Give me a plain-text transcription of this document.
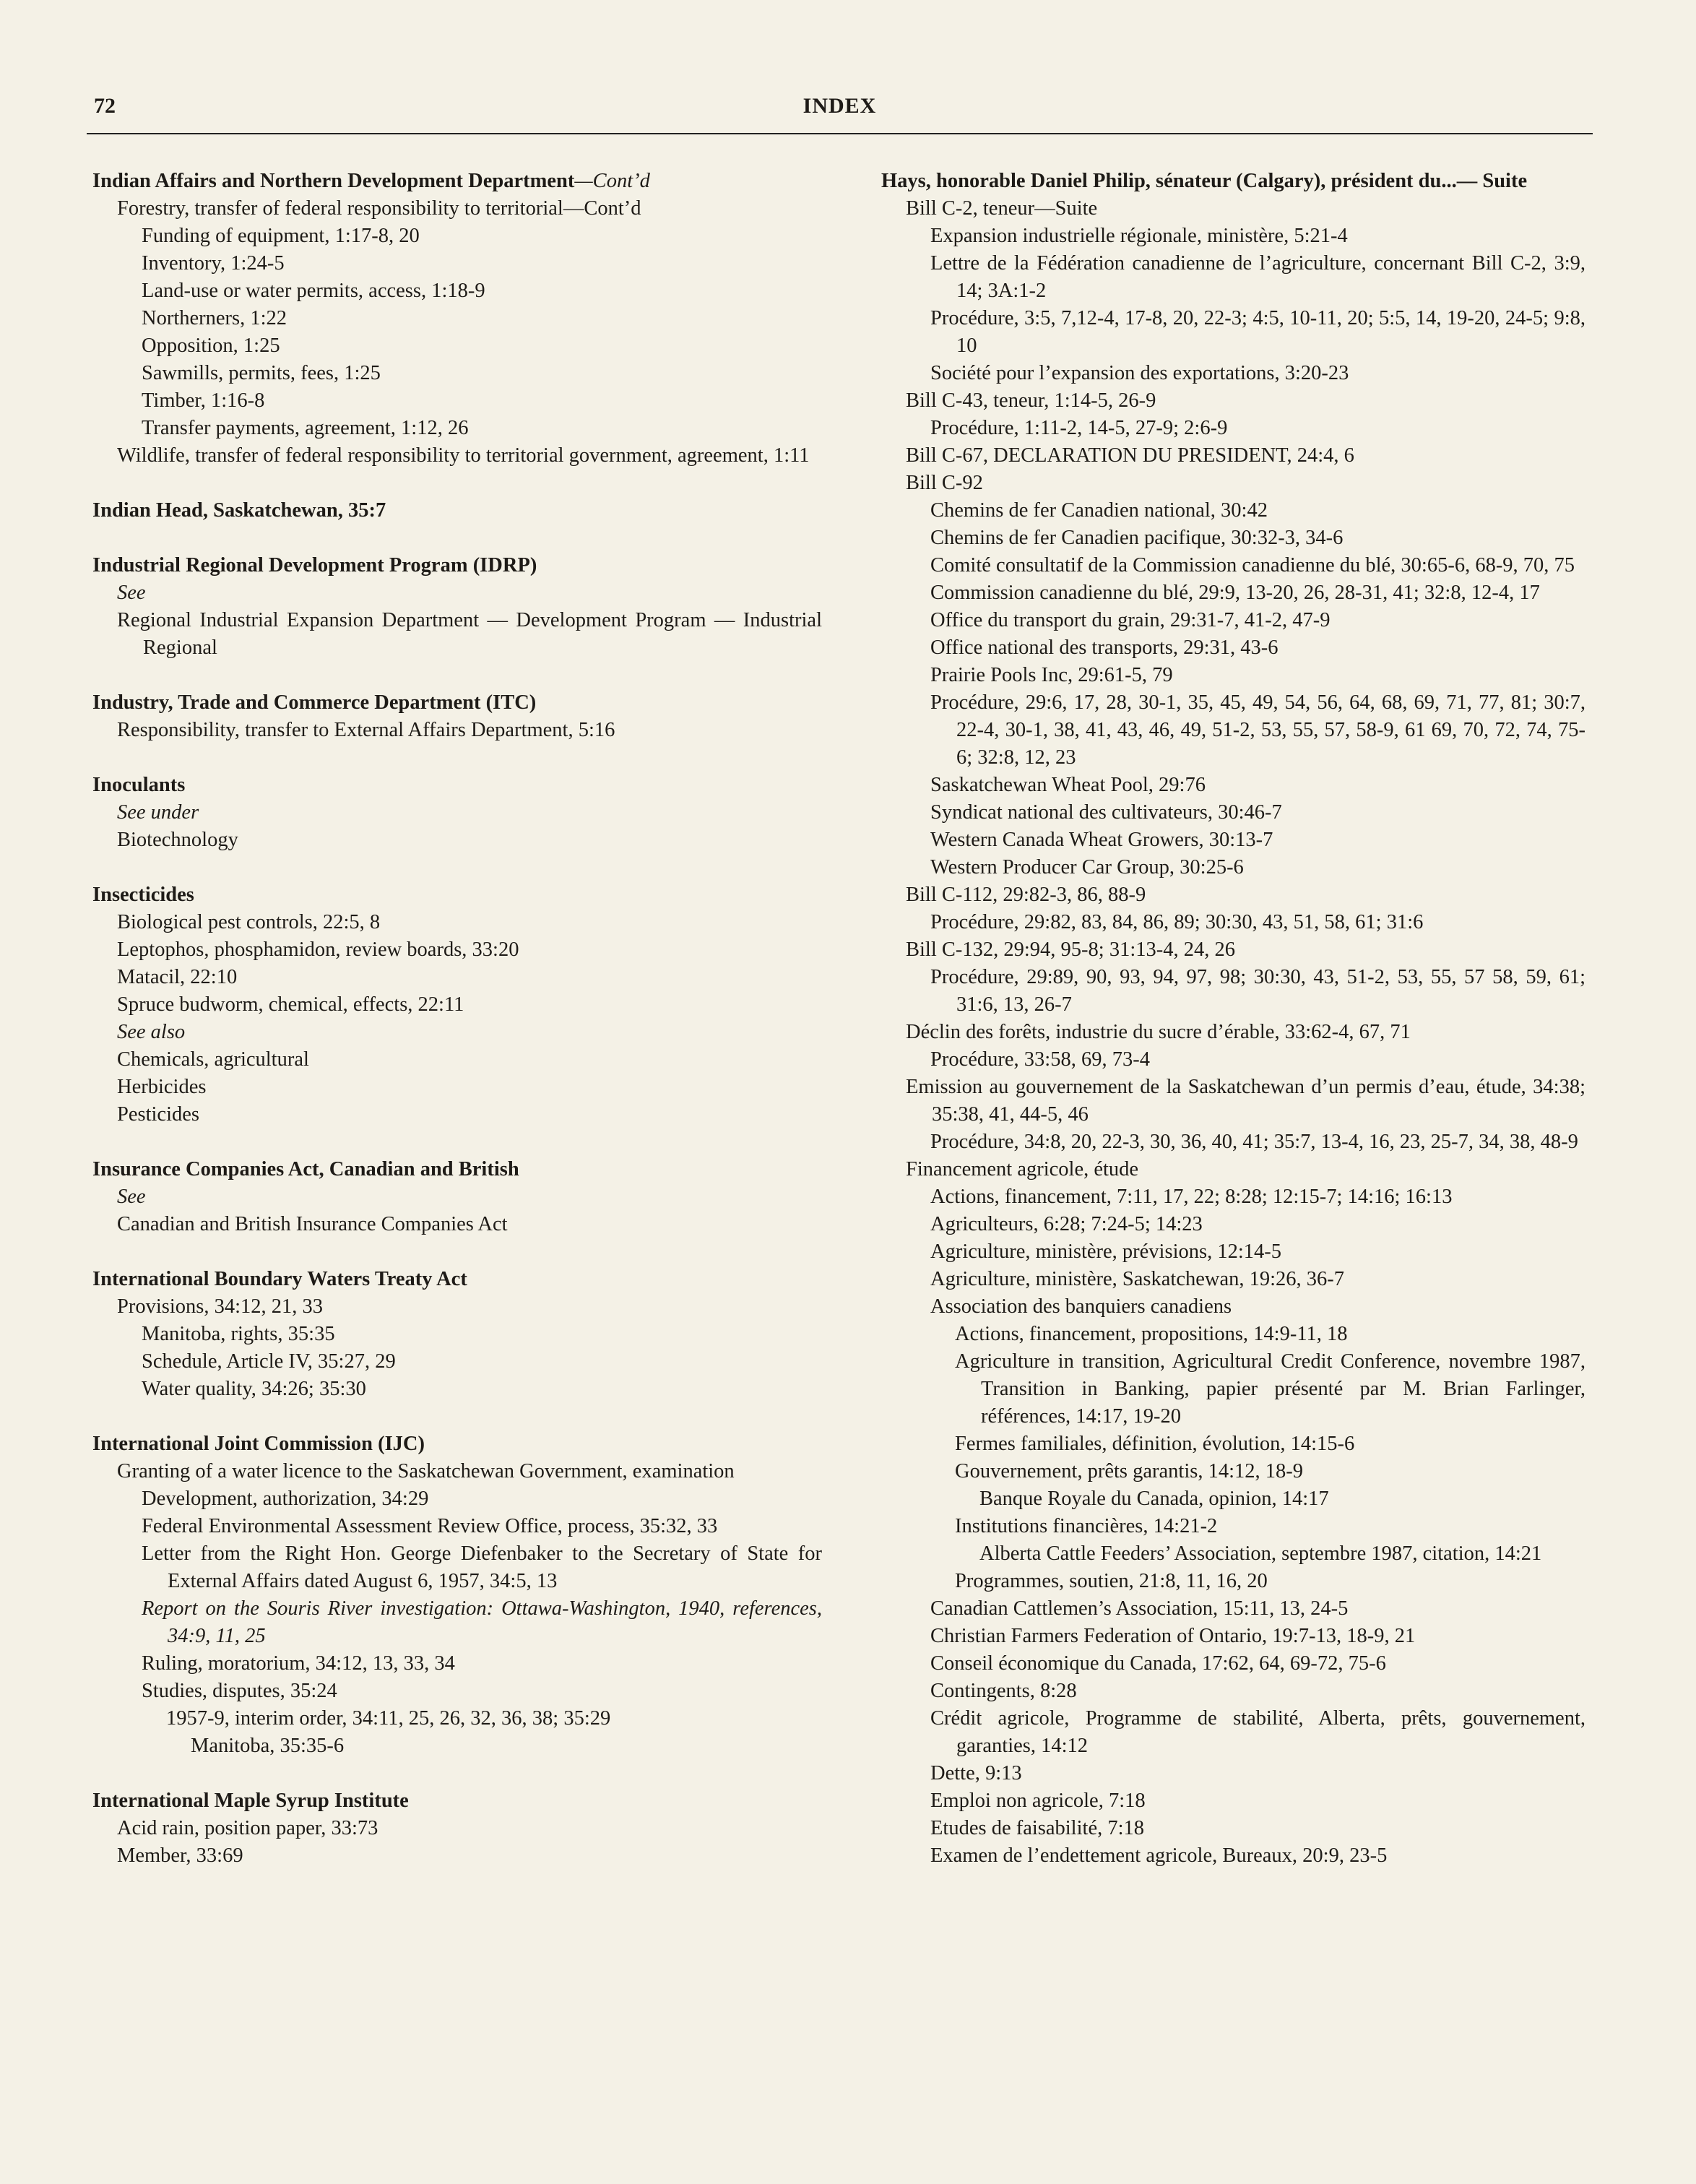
72	INDEX
Indian Affairs and Northern Development Department—Cont’d
Forestry, transfer of federal responsibility to territorial—Cont’d
Funding of equipment, 1:17-8, 20
Inventory, 1:24-5
Land-use or water permits, access, 1:18-9
Northerners, 1:22
Opposition, 1:25
Sawmills, permits, fees, 1:25
Timber, 1:16-8
Transfer payments, agreement, 1:12, 26
Wildlife, transfer of federal responsibility to territorial government, agreement, 1:11
Indian Head, Saskatchewan, 35:7
Industrial Regional Development Program (IDRP)
See
Regional Industrial Expansion Department — Development Program — Industrial Regional
Industry, Trade and Commerce Department (ITC)
Responsibility, transfer to External Affairs Department, 5:16
Inoculants
See under
Biotechnology
Insecticides
Biological pest controls, 22:5, 8
Leptophos, phosphamidon, review boards, 33:20
Matacil, 22:10
Spruce budworm, chemical, effects, 22:11
See also
Chemicals, agricultural
Herbicides
Pesticides
Insurance Companies Act, Canadian and British
See
Canadian and British Insurance Companies Act
International Boundary Waters Treaty Act
Provisions, 34:12, 21, 33
Manitoba, rights, 35:35
Schedule, Article IV, 35:27, 29
Water quality, 34:26; 35:30
International Joint Commission (IJC)
Granting of a water licence to the Saskatchewan Government, examination
Development, authorization, 34:29
Federal Environmental Assessment Review Office, process, 35:32, 33
Letter from the Right Hon. George Diefenbaker to the Secretary of State for External Affairs dated August 6, 1957, 34:5, 13
Report on the Souris River investigation: Ottawa-Washington, 1940, references, 34:9, 11, 25
Ruling, moratorium, 34:12, 13, 33, 34
Studies, disputes, 35:24
1957-9, interim order, 34:11, 25, 26, 32, 36, 38; 35:29
Manitoba, 35:35-6
International Maple Syrup Institute
Acid rain, position paper, 33:73
Member, 33:69
Hays, honorable Daniel Philip, sénateur (Calgary), président du...— Suite
Bill C-2, teneur—Suite
Expansion industrielle régionale, ministère, 5:21-4
Lettre de la Fédération canadienne de l’agriculture, concernant Bill C-2, 3:9, 14; 3A:1-2
Procédure, 3:5, 7,12-4, 17-8, 20, 22-3; 4:5, 10-11, 20; 5:5, 14, 19-20, 24-5; 9:8, 10
Société pour l’expansion des exportations, 3:20-23
Bill C-43, teneur, 1:14-5, 26-9
Procédure, 1:11-2, 14-5, 27-9; 2:6-9
Bill C-67, DECLARATION DU PRESIDENT, 24:4, 6
Bill C-92
Chemins de fer Canadien national, 30:42
Chemins de fer Canadien pacifique, 30:32-3, 34-6
Comité consultatif de la Commission canadienne du blé, 30:65-6, 68-9, 70, 75
Commission canadienne du blé, 29:9, 13-20, 26, 28-31, 41; 32:8, 12-4, 17
Office du transport du grain, 29:31-7, 41-2, 47-9
Office national des transports, 29:31, 43-6
Prairie Pools Inc, 29:61-5, 79
Procédure, 29:6, 17, 28, 30-1, 35, 45, 49, 54, 56, 64, 68, 69, 71, 77, 81; 30:7, 22-4, 30-1, 38, 41, 43, 46, 49, 51-2, 53, 55, 57, 58-9, 61 69, 70, 72, 74, 75-6; 32:8, 12, 23
Saskatchewan Wheat Pool, 29:76
Syndicat national des cultivateurs, 30:46-7
Western Canada Wheat Growers, 30:13-7
Western Producer Car Group, 30:25-6
Bill C-112, 29:82-3, 86, 88-9
Procédure, 29:82, 83, 84, 86, 89; 30:30, 43, 51, 58, 61; 31:6
Bill C-132, 29:94, 95-8; 31:13-4, 24, 26
Procédure, 29:89, 90, 93, 94, 97, 98; 30:30, 43, 51-2, 53, 55, 57 58, 59, 61; 31:6, 13, 26-7
Déclin des forêts, industrie du sucre d’érable, 33:62-4, 67, 71
Procédure, 33:58, 69, 73-4
Emission au gouvernement de la Saskatchewan d’un permis d’eau, étude, 34:38; 35:38, 41, 44-5, 46
Procédure, 34:8, 20, 22-3, 30, 36, 40, 41; 35:7, 13-4, 16, 23, 25-7, 34, 38, 48-9
Financement agricole, étude
Actions, financement, 7:11, 17, 22; 8:28; 12:15-7; 14:16; 16:13
Agriculteurs, 6:28; 7:24-5; 14:23
Agriculture, ministère, prévisions, 12:14-5
Agriculture, ministère, Saskatchewan, 19:26, 36-7
Association des banquiers canadiens
Actions, financement, propositions, 14:9-11, 18
Agriculture in transition, Agricultural Credit Conference, novembre 1987, Transition in Banking, papier présenté par M. Brian Farlinger, références, 14:17, 19-20
Fermes familiales, définition, évolution, 14:15-6
Gouvernement, prêts garantis, 14:12, 18-9
Banque Royale du Canada, opinion, 14:17
Institutions financières, 14:21-2
Alberta Cattle Feeders’ Association, septembre 1987, citation, 14:21
Programmes, soutien, 21:8, 11, 16, 20
Canadian Cattlemen’s Association, 15:11, 13, 24-5
Christian Farmers Federation of Ontario, 19:7-13, 18-9, 21
Conseil économique du Canada, 17:62, 64, 69-72, 75-6
Contingents, 8:28
Crédit agricole, Programme de stabilité, Alberta, prêts, gouvernement, garanties, 14:12
Dette, 9:13
Emploi non agricole, 7:18
Etudes de faisabilité, 7:18
Examen de l’endettement agricole, Bureaux, 20:9, 23-5
